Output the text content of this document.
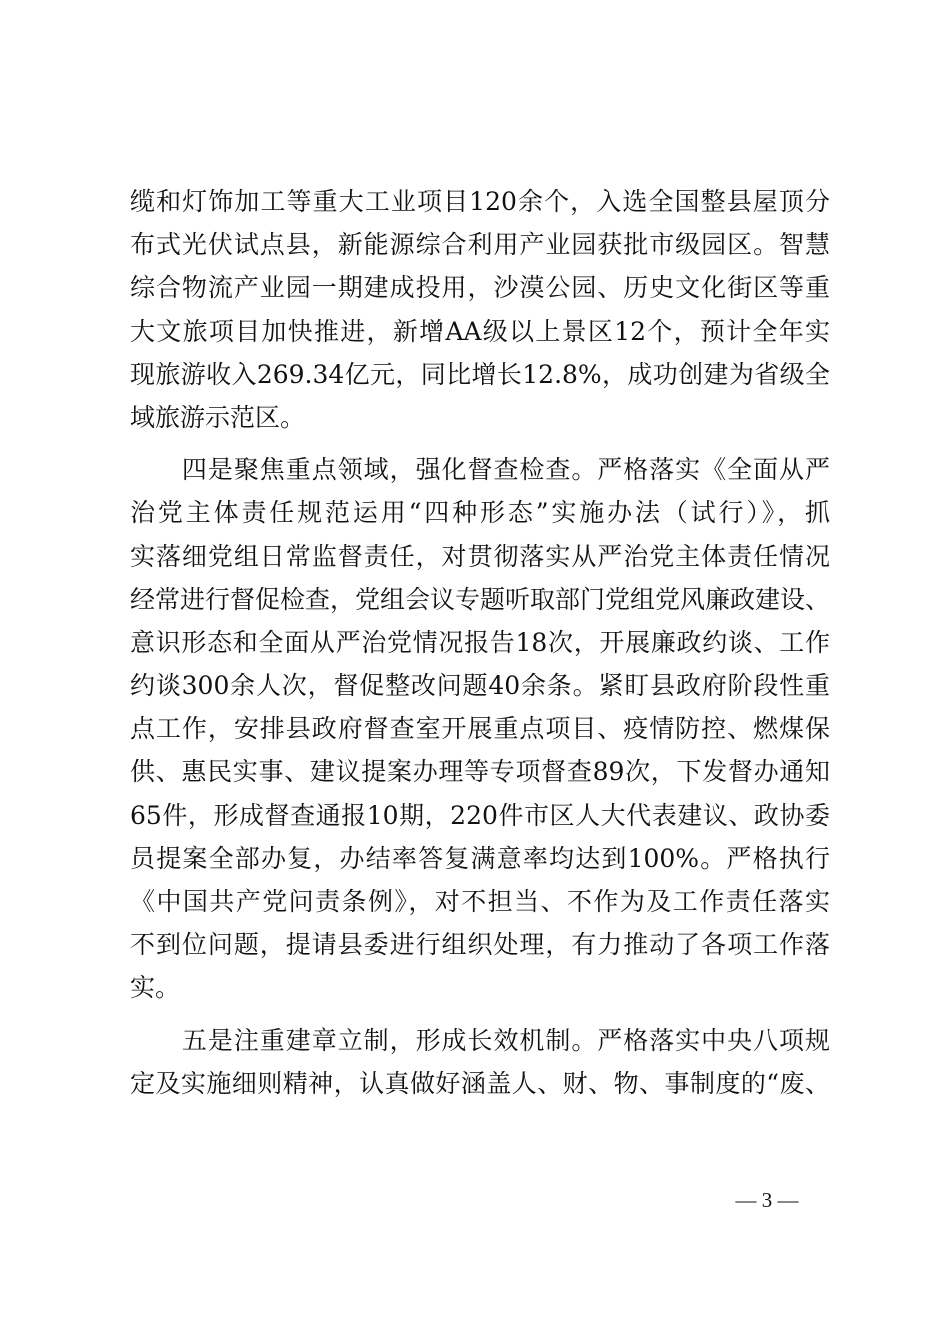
缆和灯饰加工等重大工业项目120余个，入选全国整县屋顶分
布式光伏试点县，新能源综合利用产业园获批市级园区。智慧
综合物流产业园一期建成投用，沙漠公园、历史文化街区等重
大文旅项目加快推进，新增AA级以上景区12个，预计全年实
现旅游收入269.34亿元，同比增长12.8%，成功创建为省级全
域旅游示范区。
　　四是聚焦重点领域，强化督查检查。严格落实《全面从严
治党主体责任规范运用“四种形态”实施办法（试行）》，抓
实落细党组日常监督责任，对贯彻落实从严治党主体责任情况
经常进行督促检查，党组会议专题听取部门党组党风廉政建设、
意识形态和全面从严治党情况报告18次，开展廉政约谈、工作
约谈300余人次，督促整改问题40余条。紧盯县政府阶段性重
点工作，安排县政府督查室开展重点项目、疫情防控、燃煤保
供、惠民实事、建议提案办理等专项督查89次，下发督办通知
65件，形成督查通报10期，220件市区人大代表建议、政协委
员提案全部办复，办结率答复满意率均达到100%。严格执行
《中国共产党问责条例》，对不担当、不作为及工作责任落实
不到位问题，提请县委进行组织处理，有力推动了各项工作落
实。
　　五是注重建章立制，形成长效机制。严格落实中央八项规
定及实施细则精神，认真做好涵盖人、财、物、事制度的“废、
— 3 —
